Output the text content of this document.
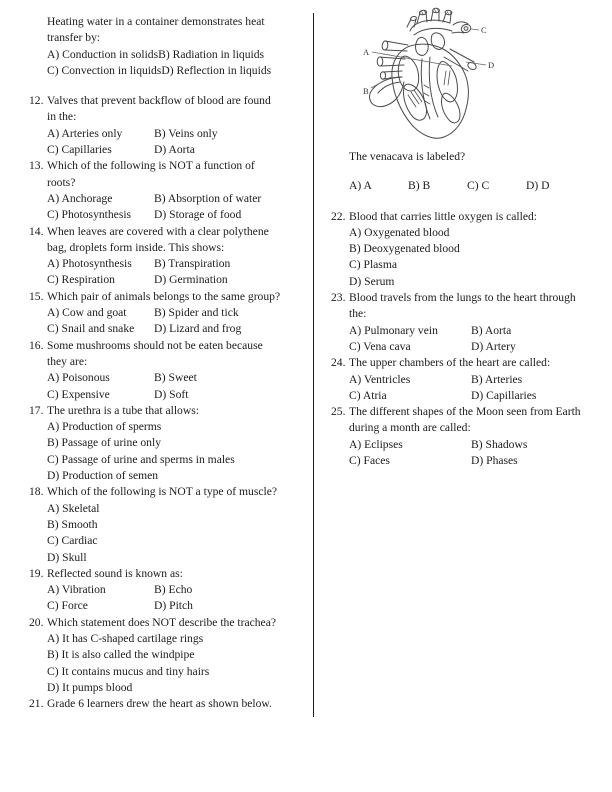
Heating water in a container demonstrates heat
transfer by:
A) Conduction in solidsB) Radiation in liquids
C) Convection in liquidsD) Reflection in liquids
12. Valves that prevent backflow of blood are found
in the:
A) Arteries only	B) Veins only
C) Capillaries	D) Aorta
13. Which of the following is NOT a function of
roots?
A) Anchorage	B) Absorption of water
C) Photosynthesis D) Storage of food
14. When leaves are covered with a clear polythene
bag, droplets form inside. This shows:
A) Photosynthesis B) Transpiration
C) Respiration	D) Germination
15. Which pair of animals belongs to the same group?
A) Cow and goat B) Spider and tick
C) Snail and snake D) Lizard and frog
16. Some mushrooms should not be eaten because
they are:
A) Poisonous	B) Sweet
C) Expensive	D) Soft
17. The urethra is a tube that allows:
A) Production of sperms
B) Passage of urine only
C) Passage of urine and sperms in males
D) Production of semen
18. Which of the following is NOT a type of muscle?
A) Skeletal
B) Smooth
C) Cardiac
D) Skull
19. Reflected sound is known as:
A) Vibration	B) Echo
C) Force	D) Pitch
20. Which statement does NOT describe the trachea?
A) It has C-shaped cartilage rings
B) It is also called the windpipe
C) It contains mucus and tiny hairs
D) It pumps blood
21. Grade 6 learners drew the heart as shown below.
A
B
C
D
The venacava is labeled?
A) A	B) B	C) C	D) D
22. Blood that carries little oxygen is called:
A) Oxygenated blood
B) Deoxygenated blood
C) Plasma
D) Serum
23. Blood travels from the lungs to the heart through
the:
A) Pulmonary vein	B) Aorta
C) Vena cava	D) Artery
24. The upper chambers of the heart are called:
A) Ventricles	B) Arteries
C) Atria	D) Capillaries
25. The different shapes of the Moon seen from Earth
during a month are called:
A) Eclipses	B) Shadows
C) Faces	D) Phases
